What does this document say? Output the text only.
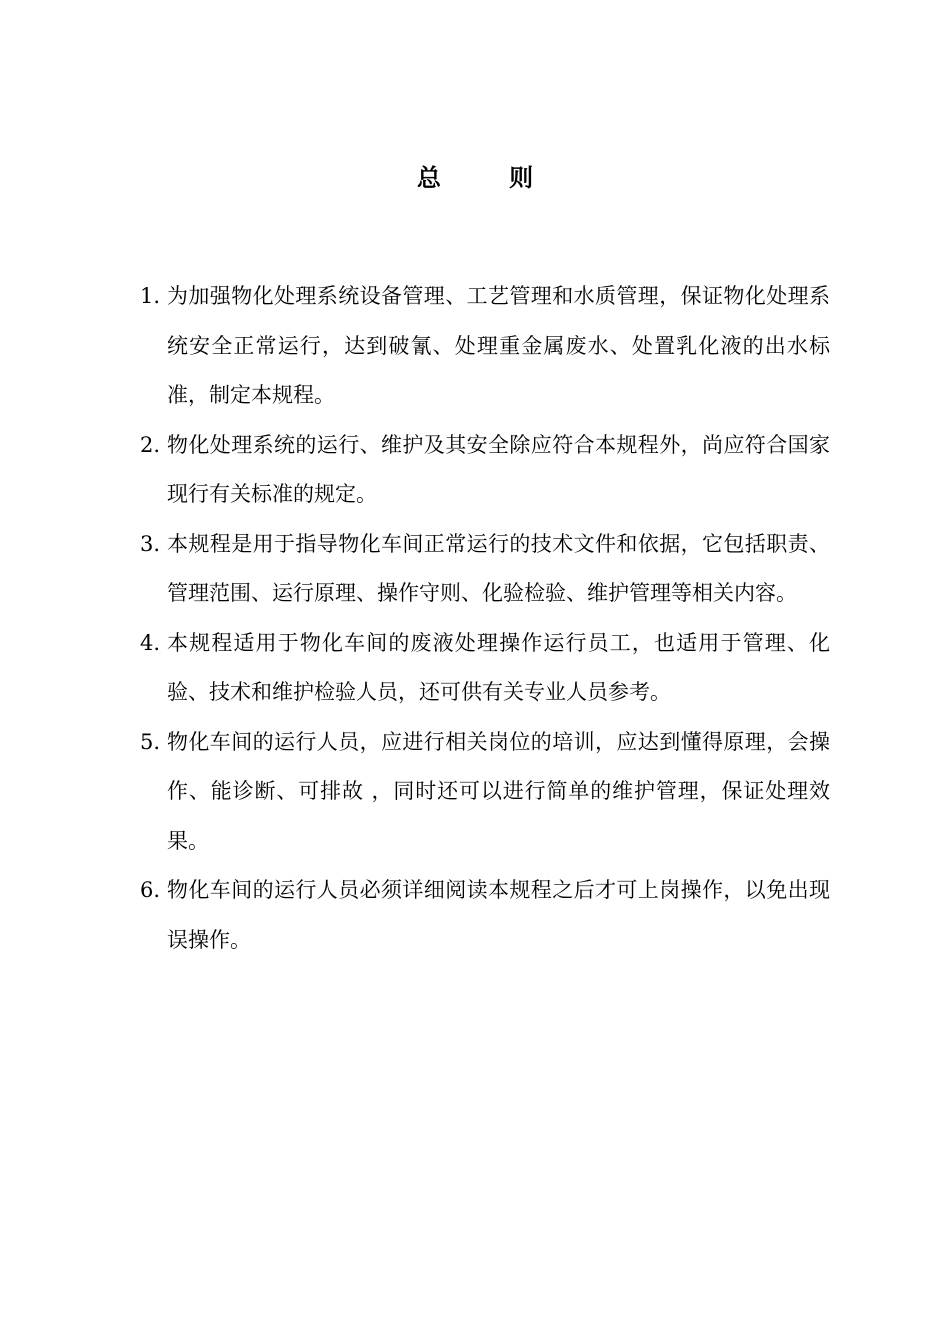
总 则
1. 为加强物化处理系统设备管理、工艺管理和水质管理，保证物化处理系统安全正常运行，达到破氰、处理重金属废水、处置乳化液的出水标准，制定本规程。
2. 物化处理系统的运行、维护及其安全除应符合本规程外，尚应符合国家现行有关标准的规定。
3. 本规程是用于指导物化车间正常运行的技术文件和依据，它包括职责、管理范围、运行原理、操作守则、化验检验、维护管理等相关内容。
4. 本规程适用于物化车间的废液处理操作运行员工，也适用于管理、化验、技术和维护检验人员，还可供有关专业人员参考。
5. 物化车间的运行人员，应进行相关岗位的培训，应达到懂得原理，会操作、能诊断、可排故 ，同时还可以进行简单的维护管理，保证处理效果。
6. 物化车间的运行人员必须详细阅读本规程之后才可上岗操作，以免出现误操作。
